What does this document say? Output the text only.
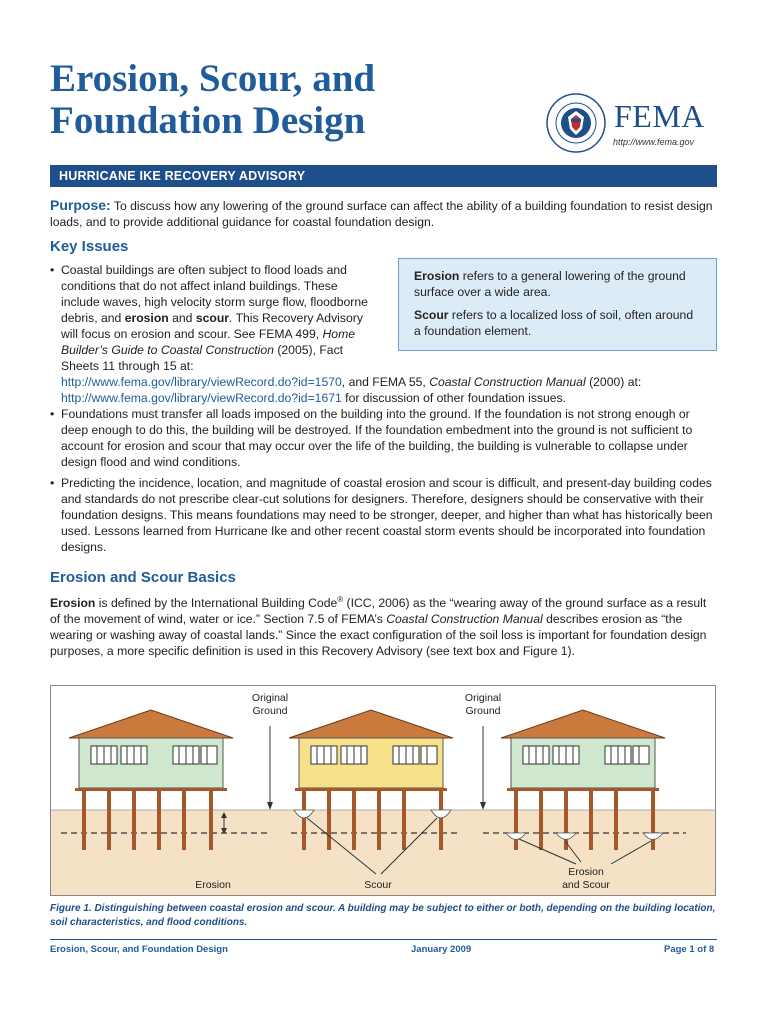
Erosion, Scour, and
Foundation Design	FEMA
http://www.fema.gov
HURRICANE IKE RECOVERY ADVISORY
Purpose: To discuss how any lowering of the ground surface can affect the ability of a building foundation to resist design loads, and to provide additional guidance for coastal foundation design.
Key Issues
• Coastal buildings are often subject to flood loads and conditions that do not affect inland buildings. These include waves, high velocity storm surge flow, floodborne debris, and erosion and scour. This Recovery Advisory will focus on erosion and scour. See FEMA 499, Home Builder’s Guide to Coastal Construction (2005), Fact Sheets 11 through 15 at:
http://www.fema.gov/library/viewRecord.do?id=1570, and FEMA 55, Coastal Construction Manual (2000) at: http://www.fema.gov/library/viewRecord.do?id=1671 for discussion of other foundation issues.

Erosion refers to a general lowering of the ground surface over a wide area.

Scour refers to a localized loss of soil, often around a foundation element.

• Foundations must transfer all loads imposed on the building into the ground. If the foundation is not strong enough or deep enough to do this, the building will be destroyed. If the foundation embedment into the ground is not sufficient to account for erosion and scour that may occur over the life of the building, the building is vulnerable to collapse under design flood and wind conditions.
• Predicting the incidence, location, and magnitude of coastal erosion and scour is difficult, and present-day building codes and standards do not prescribe clear-cut solutions for designers. Therefore, designers should be conservative with their foundation designs. This means foundations may need to be stronger, deeper, and higher than what has historically been used. Lessons learned from Hurricane Ike and other recent coastal storm events should be incorporated into foundation designs.
Erosion and Scour Basics
Erosion is defined by the International Building Code® (ICC, 2006) as the “wearing away of the ground surface as a result of the movement of wind, water or ice.” Section 7.5 of FEMA’s Coastal Construction Manual describes erosion as “the wearing or washing away of coastal lands.” Since the exact configuration of the soil loss is important for foundation design purposes, a more specific definition is used in this Recovery Advisory (see text box and Figure 1).
Original
Ground
Original
Ground
Erosion	Scour
Erosion
and Scour
Figure 1. Distinguishing between coastal erosion and scour. A building may be subject to either or both, depending on the building location, soil characteristics, and flood conditions.
Erosion, Scour, and Foundation Design	January 2009	Page 1 of 8
